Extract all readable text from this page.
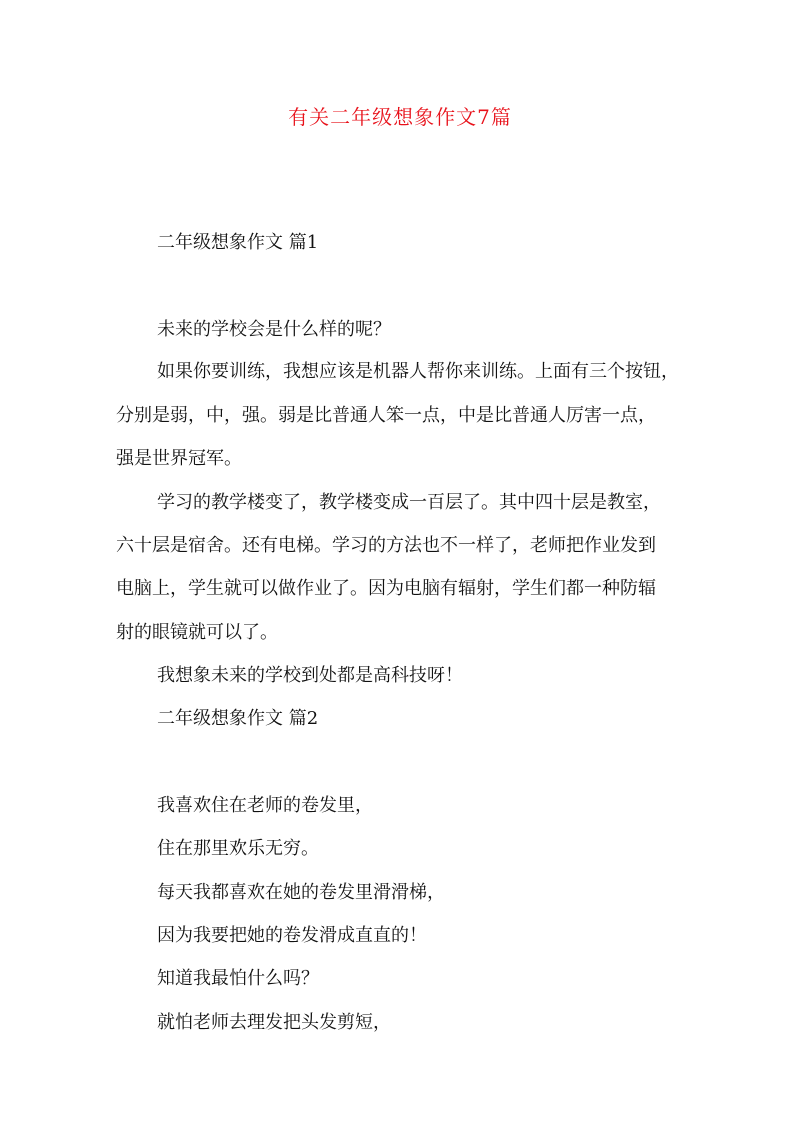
有关二年级想象作文7篇
二年级想象作文 篇1
未来的学校会是什么样的呢？
如果你要训练，我想应该是机器人帮你来训练。上面有三个按钮，
分别是弱，中，强。弱是比普通人笨一点，中是比普通人厉害一点，
强是世界冠军。
学习的教学楼变了，教学楼变成一百层了。其中四十层是教室，
六十层是宿舍。还有电梯。学习的方法也不一样了，老师把作业发到
电脑上，学生就可以做作业了。因为电脑有辐射，学生们都一种防辐
射的眼镜就可以了。
我想象未来的学校到处都是高科技呀！
二年级想象作文 篇2
我喜欢住在老师的卷发里，
住在那里欢乐无穷。
每天我都喜欢在她的卷发里滑滑梯，
因为我要把她的卷发滑成直直的！
知道我最怕什么吗？
就怕老师去理发把头发剪短，
